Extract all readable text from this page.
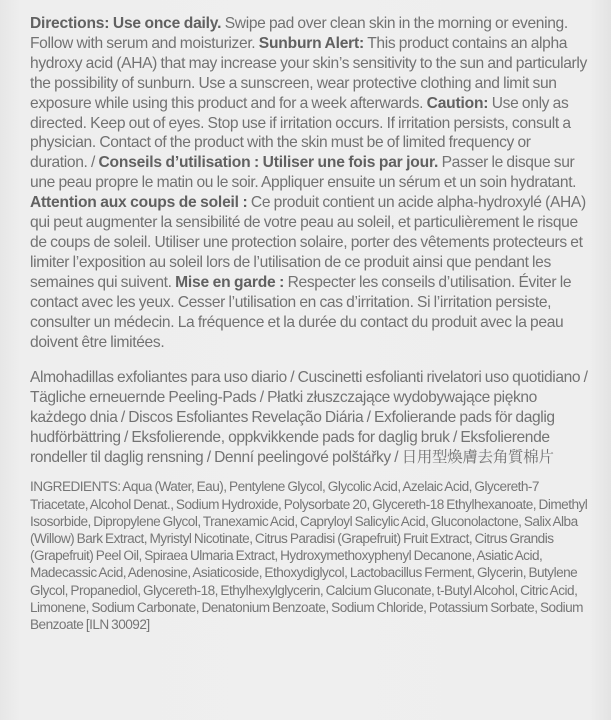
Directions: Use once daily. Swipe pad over clean skin in the morning or evening. Follow with serum and moisturizer. Sunburn Alert: This product contains an alpha hydroxy acid (AHA) that may increase your skin’s sensitivity to the sun and particularly the possibility of sunburn. Use a sunscreen, wear protective clothing and limit sun exposure while using this product and for a week afterwards. Caution: Use only as directed. Keep out of eyes. Stop use if irritation occurs. If irritation persists, consult a physician. Contact of the product with the skin must be of limited frequency or duration. / Conseils d’utilisation : Utiliser une fois par jour. Passer le disque sur une peau propre le matin ou le soir. Appliquer ensuite un sérum et un soin hydratant. Attention aux coups de soleil : Ce produit contient un acide alpha-hydroxylé (AHA) qui peut augmenter la sensibilité de votre peau au soleil, et particulièrement le risque de coups de soleil. Utiliser une protection solaire, porter des vêtements protecteurs et limiter l’exposition au soleil lors de l’utilisation de ce produit ainsi que pendant les semaines qui suivent. Mise en garde : Respecter les conseils d’utilisation. Éviter le contact avec les yeux. Cesser l’utilisation en cas d’irritation. Si l’irritation persiste, consulter un médecin. La fréquence et la durée du contact du produit avec la peau doivent être limitées.

Almohadillas exfoliantes para uso diario / Cuscinetti esfolianti rivelatori uso quotidiano / Tägliche erneuernde Peeling-Pads / Płatki złuszczające wydobywające piękno każdego dnia / Discos Esfoliantes Revelação Diária / Exfolierande pads för daglig hudförbättring / Eksfolierende, oppkvikkende pads for daglig bruk / Eksfolierende rondeller til daglig rensning / Denní peelingové polštářky / 日用型煥膚去角質棉片

INGREDIENTS: Aqua (Water, Eau), Pentylene Glycol, Glycolic Acid, Azelaic Acid, Glycereth-7 Triacetate, Alcohol Denat., Sodium Hydroxide, Polysorbate 20, Glycereth-18 Ethylhexanoate, Dimethyl Isosorbide, Dipropylene Glycol, Tranexamic Acid, Capryloyl Salicylic Acid, Gluconolactone, Salix Alba (Willow) Bark Extract, Myristyl Nicotinate, Citrus Paradisi (Grapefruit) Fruit Extract, Citrus Grandis (Grapefruit) Peel Oil, Spiraea Ulmaria Extract, Hydroxymethoxyphenyl Decanone, Asiatic Acid, Madecassic Acid, Adenosine, Asiaticoside, Ethoxydiglycol, Lactobacillus Ferment, Glycerin, Butylene Glycol, Propanediol, Glycereth-18, Ethylhexylglycerin, Calcium Gluconate, t-Butyl Alcohol, Citric Acid, Limonene, Sodium Carbonate, Denatonium Benzoate, Sodium Chloride, Potassium Sorbate, Sodium Benzoate [ILN 30092]
